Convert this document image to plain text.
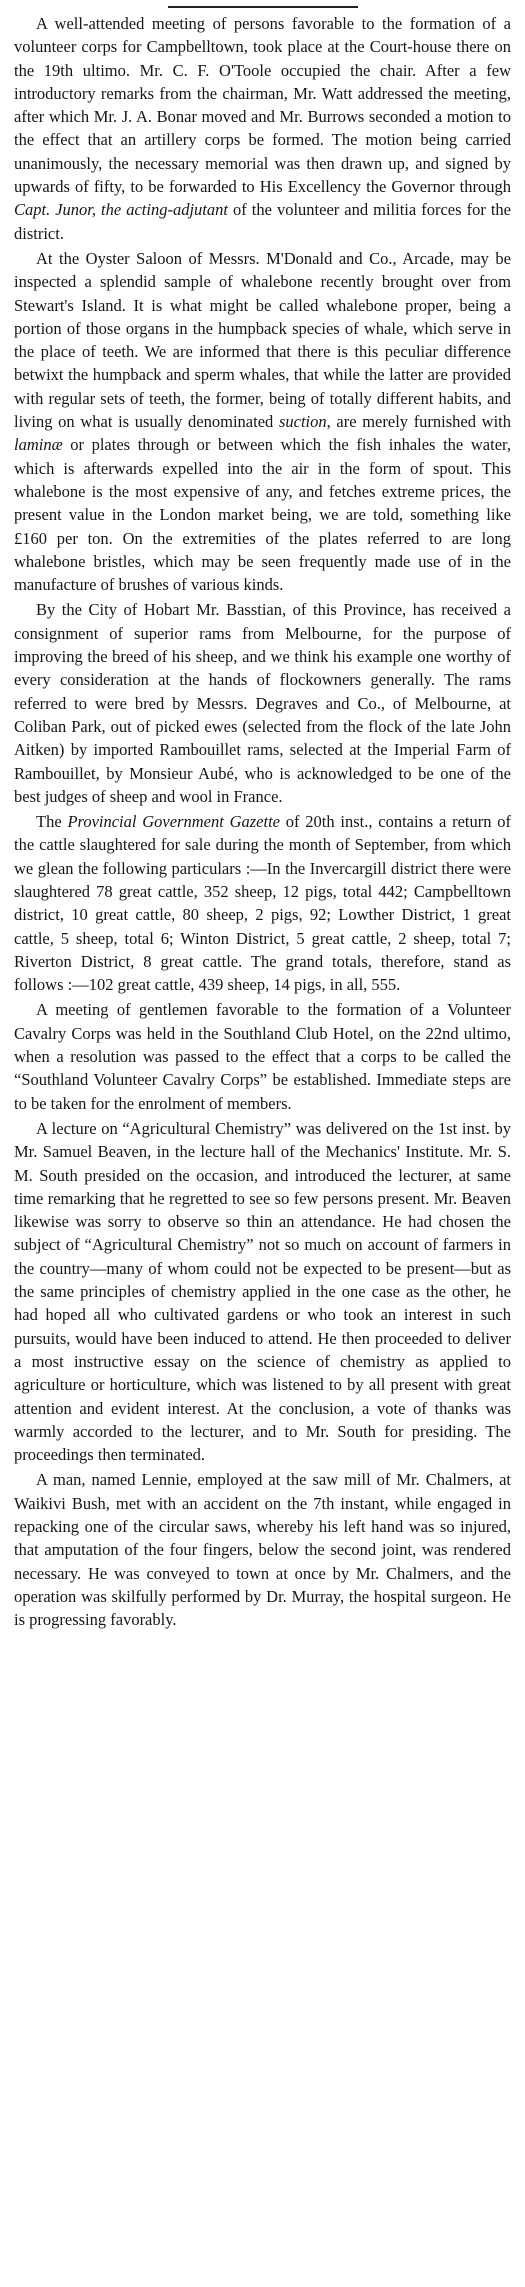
A well-attended meeting of persons favorable to the formation of a volunteer corps for Campbelltown, took place at the Court-house there on the 19th ultimo. Mr. C. F. O'Toole occupied the chair. After a few introductory remarks from the chairman, Mr. Watt addressed the meeting, after which Mr. J. A. Bonar moved and Mr. Burrows seconded a motion to the effect that an artillery corps be formed. The motion being carried unanimously, the necessary memorial was then drawn up, and signed by upwards of fifty, to be forwarded to His Excellency the Governor through Capt. Junor, the acting-adjutant of the volunteer and militia forces for the district.

At the Oyster Saloon of Messrs. M'Donald and Co., Arcade, may be inspected a splendid sample of whalebone recently brought over from Stewart's Island. It is what might be called whalebone proper, being a portion of those organs in the humpback species of whale, which serve in the place of teeth. We are informed that there is this peculiar difference betwixt the humpback and sperm whales, that while the latter are provided with regular sets of teeth, the former, being of totally different habits, and living on what is usually denominated suction, are merely furnished with laminæ or plates through or between which the fish inhales the water, which is afterwards expelled into the air in the form of spout. This whalebone is the most expensive of any, and fetches extreme prices, the present value in the London market being, we are told, something like £160 per ton. On the extremities of the plates referred to are long whalebone bristles, which may be seen frequently made use of in the manufacture of brushes of various kinds.

By the City of Hobart Mr. Basstian, of this Province, has received a consignment of superior rams from Melbourne, for the purpose of improving the breed of his sheep, and we think his example one worthy of every consideration at the hands of flockowners generally. The rams referred to were bred by Messrs. Degraves and Co., of Melbourne, at Coliban Park, out of picked ewes (selected from the flock of the late John Aitken) by imported Rambouillet rams, selected at the Imperial Farm of Rambouillet, by Monsieur Aubé, who is acknowledged to be one of the best judges of sheep and wool in France.

The Provincial Government Gazette of 20th inst., contains a return of the cattle slaughtered for sale during the month of September, from which we glean the following particulars :—In the Invercargill district there were slaughtered 78 great cattle, 352 sheep, 12 pigs, total 442; Campbelltown district, 10 great cattle, 80 sheep, 2 pigs, 92; Lowther District, 1 great cattle, 5 sheep, total 6; Winton District, 5 great cattle, 2 sheep, total 7; Riverton District, 8 great cattle. The grand totals, therefore, stand as follows :—102 great cattle, 439 sheep, 14 pigs, in all, 555.

A meeting of gentlemen favorable to the formation of a Volunteer Cavalry Corps was held in the Southland Club Hotel, on the 22nd ultimo, when a resolution was passed to the effect that a corps to be called the “Southland Volunteer Cavalry Corps” be established. Immediate steps are to be taken for the enrolment of members.

A lecture on “Agricultural Chemistry” was delivered on the 1st inst. by Mr. Samuel Beaven, in the lecture hall of the Mechanics' Institute. Mr. S. M. South presided on the occasion, and introduced the lecturer, at same time remarking that he regretted to see so few persons present. Mr. Beaven likewise was sorry to observe so thin an attendance. He had chosen the subject of “Agricultural Chemistry” not so much on account of farmers in the country—many of whom could not be expected to be present—but as the same principles of chemistry applied in the one case as the other, he had hoped all who cultivated gardens or who took an interest in such pursuits, would have been induced to attend. He then proceeded to deliver a most instructive essay on the science of chemistry as applied to agriculture or horticulture, which was listened to by all present with great attention and evident interest. At the conclusion, a vote of thanks was warmly accorded to the lecturer, and to Mr. South for presiding. The proceedings then terminated.

A man, named Lennie, employed at the saw mill of Mr. Chalmers, at Waikivi Bush, met with an accident on the 7th instant, while engaged in repacking one of the circular saws, whereby his left hand was so injured, that amputation of the four fingers, below the second joint, was rendered necessary. He was conveyed to town at once by Mr. Chalmers, and the operation was skilfully performed by Dr. Murray, the hospital surgeon. He is progressing favorably.
